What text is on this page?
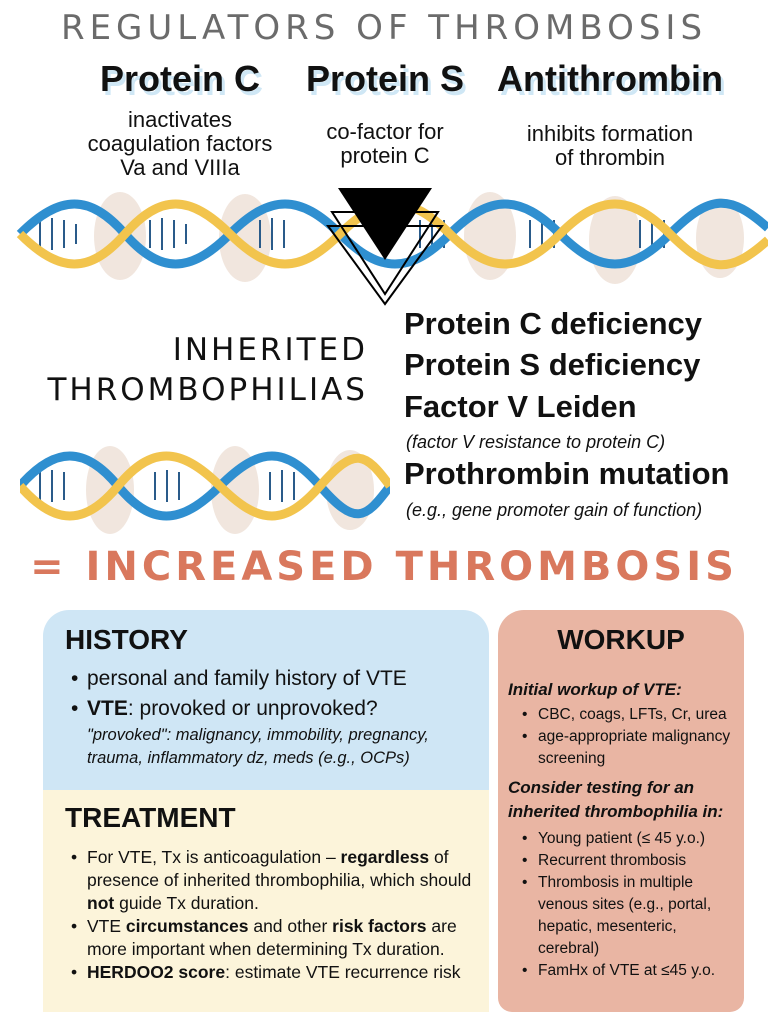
REGULATORS OF THROMBOSIS
Protein C	Protein S Antithrombin
inactivates
coagulation factors
Va and VIIIa
co-factor for
protein C
inhibits formation
of thrombin
INHERITED
THROMBOPHILIAS
Protein C deficiency
Protein S deficiency
Factor V Leiden
(factor V resistance to protein C)
Prothrombin mutation
(e.g., gene promoter gain of function)
= INCREASED THROMBOSIS
HISTORY
• personal and family history of VTE
• VTE: provoked or unprovoked?
"provoked": malignancy, immobility, pregnancy, trauma, inflammatory dz, meds (e.g., OCPs)
TREATMENT
• For VTE, Tx is anticoagulation – regardless of presence of inherited thrombophilia, which should not guide Tx duration.
• VTE circumstances and other risk factors are more important when determining Tx duration.
• HERDOO2 score: estimate VTE recurrence risk
WORKUP
Initial workup of VTE:
• CBC, coags, LFTs, Cr, urea
• age-appropriate malignancy screening
Consider testing for an inherited thrombophilia in:
• Young patient (≤ 45 y.o.)
• Recurrent thrombosis
• Thrombosis in multiple venous sites (e.g., portal, hepatic, mesenteric, cerebral)
• FamHx of VTE at ≤45 y.o.
